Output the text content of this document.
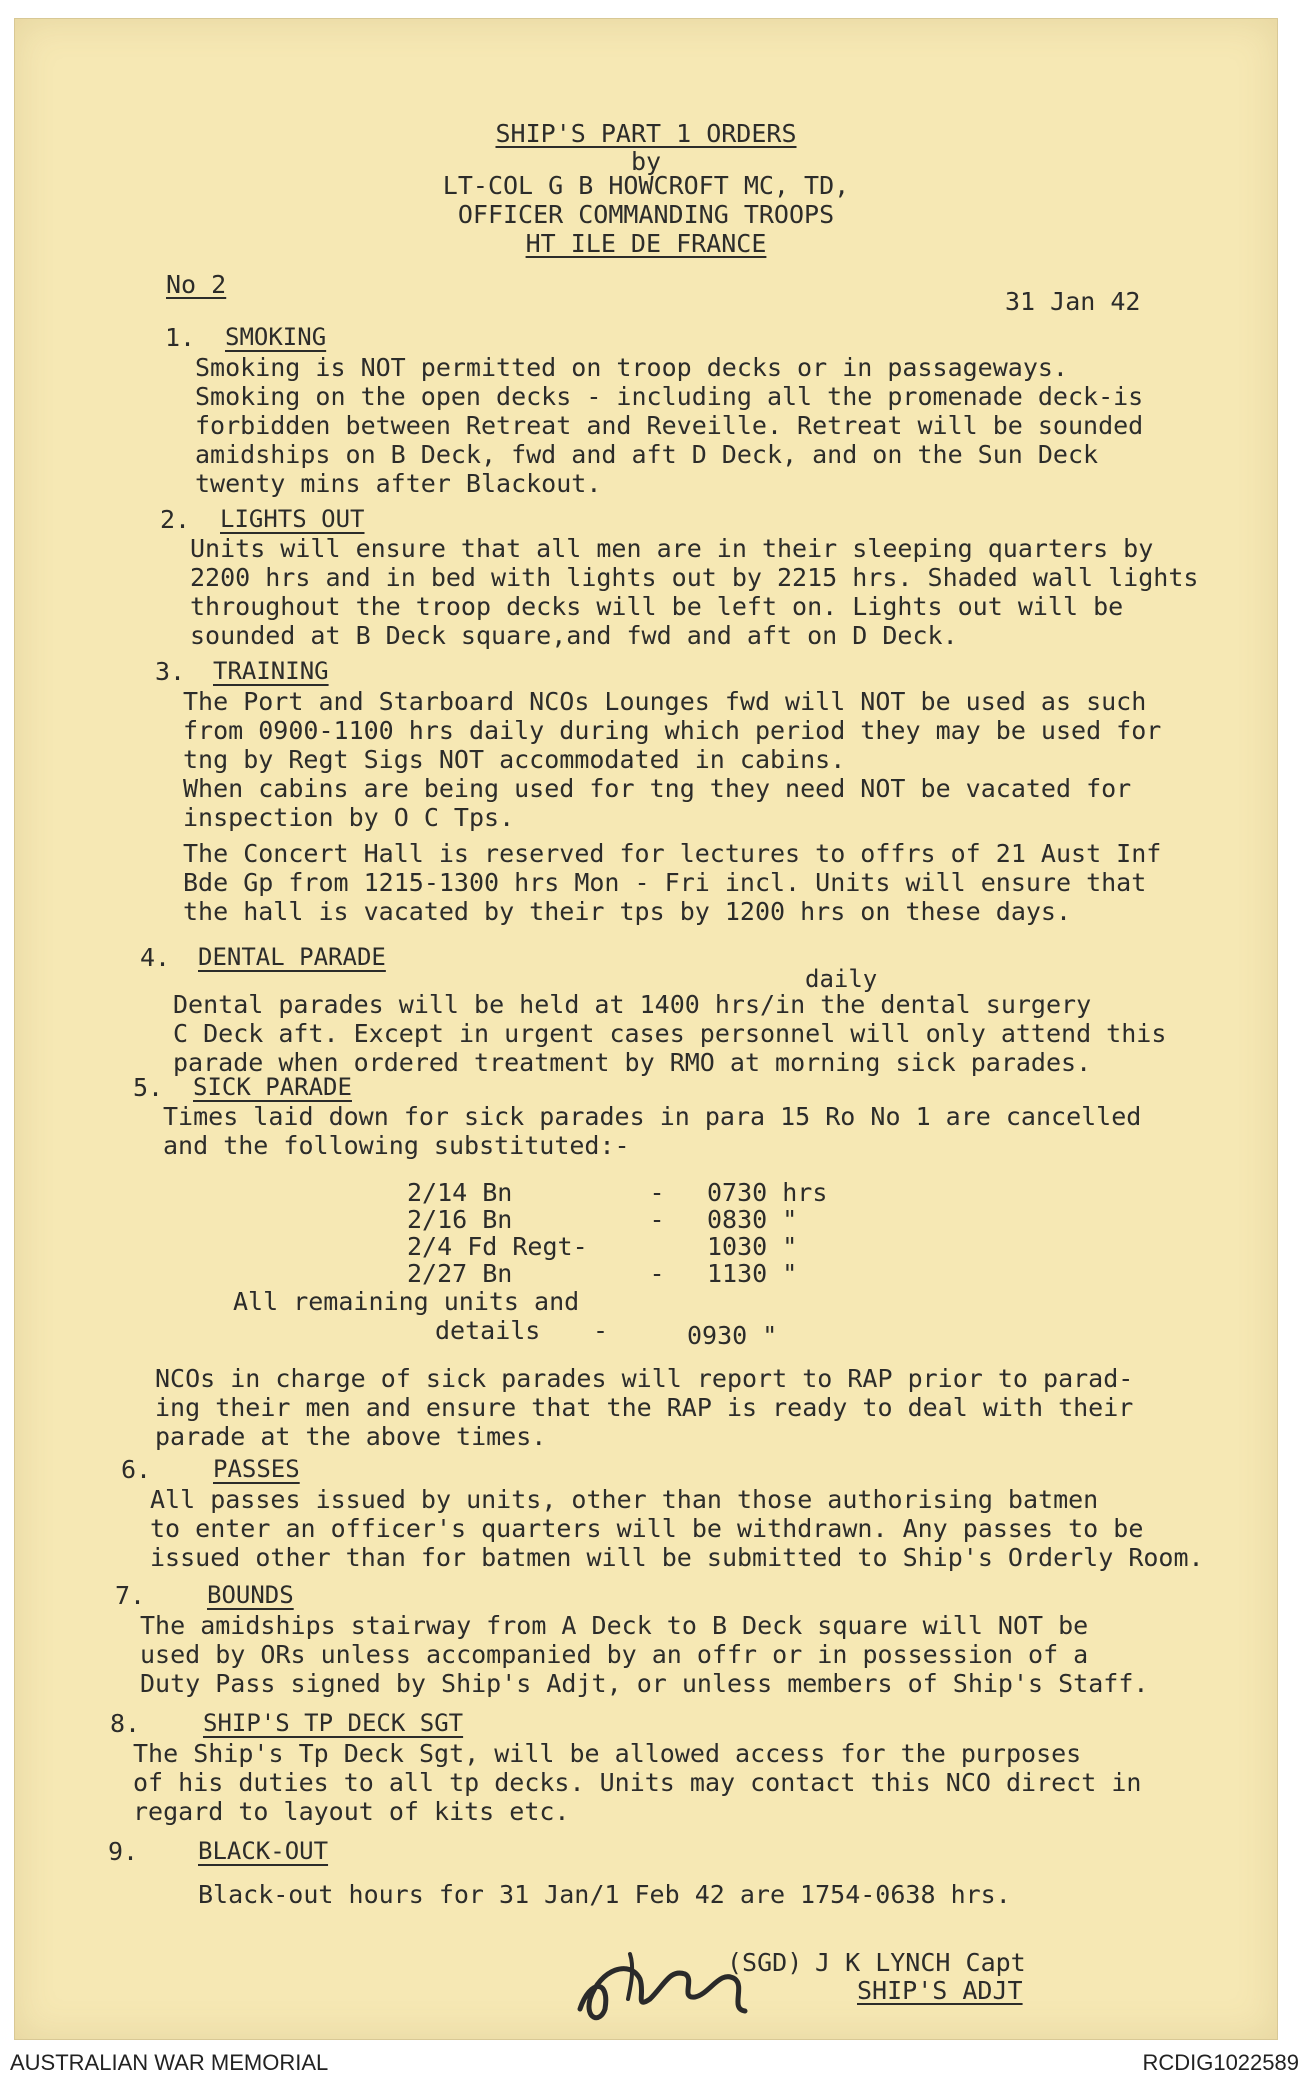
SHIP'S PART 1 ORDERS
by
LT-COL G B HOWCROFT MC, TD,
OFFICER COMMANDING TROOPS
HT ILE DE FRANCE
No 2
31 Jan 42
1. SMOKING

Smoking is NOT permitted on troop decks or in passageways.

Smoking on the open decks - including all the promenade deck-is

forbidden between Retreat and Reveille. Retreat will be sounded

amidships on B Deck, fwd and aft D Deck, and on the Sun Deck

twenty mins after Blackout.

2. LIGHTS OUT

Units will ensure that all men are in their sleeping quarters by

2200 hrs and in bed with lights out by 2215 hrs. Shaded wall lights

throughout the troop decks will be left on. Lights out will be

sounded at B Deck square,and fwd and aft on D Deck.

3. TRAINING

The Port and Starboard NCOs Lounges fwd will NOT be used as such

from 0900-1100 hrs daily during which period they may be used for

tng by Regt Sigs NOT accommodated in cabins.

When cabins are being used for tng they need NOT be vacated for

inspection by O C Tps.

The Concert Hall is reserved for lectures to offrs of 21 Aust Inf

Bde Gp from 1215-1300 hrs Mon - Fri incl. Units will ensure that

the hall is vacated by their tps by 1200 hrs on these days.

4. DENTAL PARADE
daily

Dental parades will be held at 1400 hrs/in the dental surgery

C Deck aft. Except in urgent cases personnel will only attend this

parade when ordered treatment by RMO at morning sick parades.

5. SICK PARADE

Times laid down for sick parades in para 15 Ro No 1 are cancelled

and the following substituted:-

2/14 Bn	-	0730 hrs
2/16 Bn	-	0830 "
2/4 Fd Regt-	1030 "
2/27 Bn	-	1130 "
All remaining units and
details -	0930 "

NCOs in charge of sick parades will report to RAP prior to parad-

ing their men and ensure that the RAP is ready to deal with their

parade at the above times.

6.	PASSES

All passes issued by units, other than those authorising batmen

to enter an officer's quarters will be withdrawn. Any passes to be

issued other than for batmen will be submitted to Ship's Orderly Room.

7.	BOUNDS

The amidships stairway from A Deck to B Deck square will NOT be

used by ORs unless accompanied by an offr or in possession of a

Duty Pass signed by Ship's Adjt, or unless members of Ship's Staff.

8.	SHIP'S TP DECK SGT

The Ship's Tp Deck Sgt, will be allowed access for the purposes

of his duties to all tp decks. Units may contact this NCO direct in

regard to layout of kits etc.

9. BLACK-OUT

Black-out hours for 31 Jan/1 Feb 42 are 1754-0638 hrs.

(SGD) J K LYNCH Capt
SHIP'S ADJT
AUSTRALIAN WAR MEMORIAL	RCDIG1022589
